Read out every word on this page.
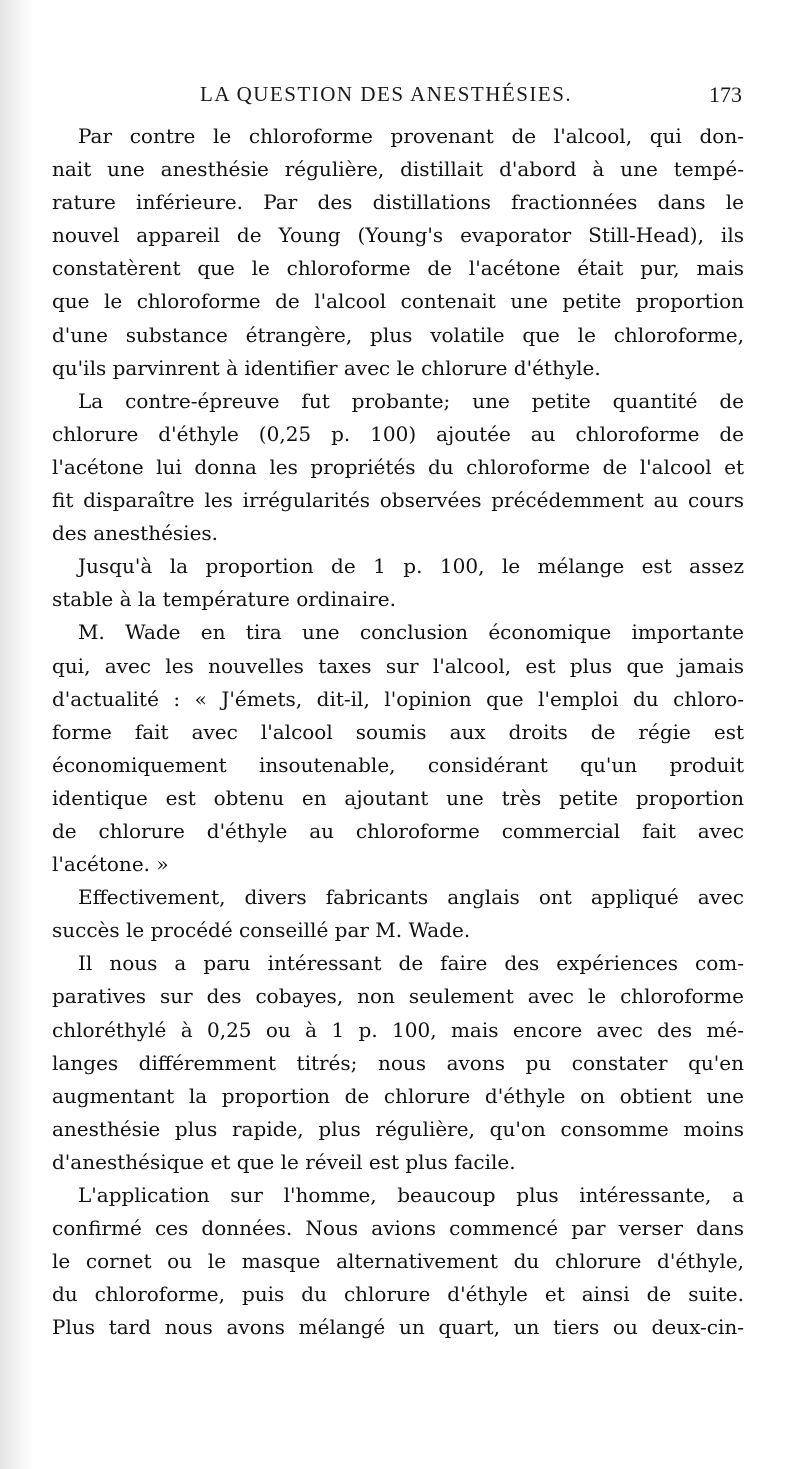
LA QUESTION DES ANESTHÉSIES.	173
Par contre le chloroforme provenant de l'alcool, qui don-
nait une anesthésie régulière, distillait d'abord à une tempé-
rature inférieure. Par des distillations fractionnées dans le
nouvel appareil de Young (Young's evaporator Still-Head), ils
constatèrent que le chloroforme de l'acétone était pur, mais
que le chloroforme de l'alcool contenait une petite proportion
d'une substance étrangère, plus volatile que le chloroforme,
qu'ils parvinrent à identifier avec le chlorure d'éthyle.
La contre-épreuve fut probante; une petite quantité de
chlorure d'éthyle (0,25 p. 100) ajoutée au chloroforme de
l'acétone lui donna les propriétés du chloroforme de l'alcool et
fit disparaître les irrégularités observées précédemment au cours
des anesthésies.
Jusqu'à la proportion de 1 p. 100, le mélange est assez
stable à la température ordinaire.
M. Wade en tira une conclusion économique importante
qui, avec les nouvelles taxes sur l'alcool, est plus que jamais
d'actualité : « J'émets, dit-il, l'opinion que l'emploi du chloro-
forme fait avec l'alcool soumis aux droits de régie est
économiquement insoutenable, considérant qu'un produit
identique est obtenu en ajoutant une très petite proportion
de chlorure d'éthyle au chloroforme commercial fait avec
l'acétone. »
Effectivement, divers fabricants anglais ont appliqué avec
succès le procédé conseillé par M. Wade.
Il nous a paru intéressant de faire des expériences com-
paratives sur des cobayes, non seulement avec le chloroforme
chloréthylé à 0,25 ou à 1 p. 100, mais encore avec des mé-
langes différemment titrés; nous avons pu constater qu'en
augmentant la proportion de chlorure d'éthyle on obtient une
anesthésie plus rapide, plus régulière, qu'on consomme moins
d'anesthésique et que le réveil est plus facile.
L'application sur l'homme, beaucoup plus intéressante, a
confirmé ces données. Nous avions commencé par verser dans
le cornet ou le masque alternativement du chlorure d'éthyle,
du chloroforme, puis du chlorure d'éthyle et ainsi de suite.
Plus tard nous avons mélangé un quart, un tiers ou deux-cin-
